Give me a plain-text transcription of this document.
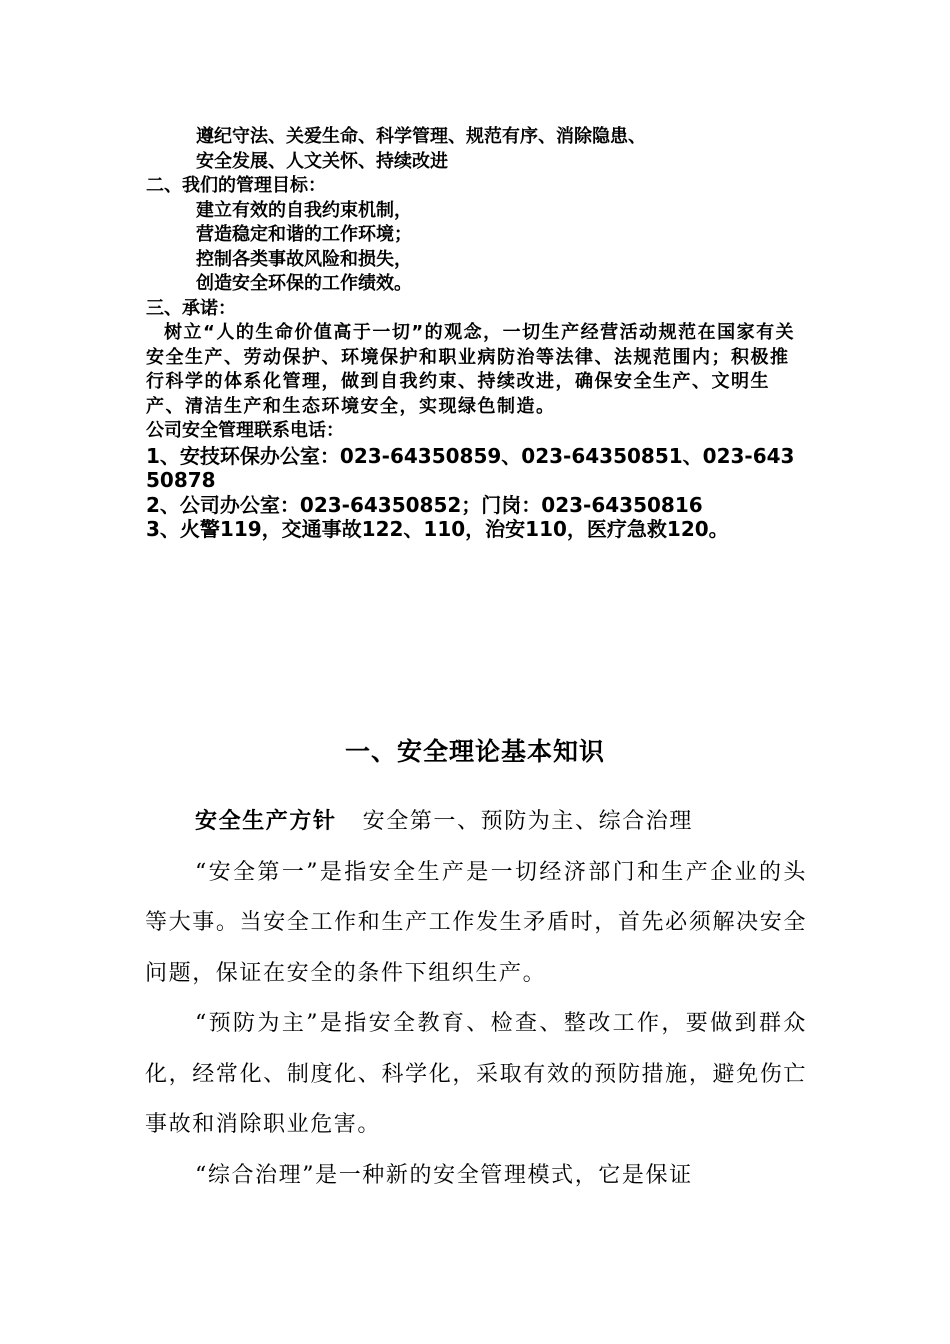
遵纪守法、关爱生命、科学管理、规范有序、消除隐患、
安全发展、人文关怀、持续改进
二、我们的管理目标：
建立有效的自我约束机制，
营造稳定和谐的工作环境；
控制各类事故风险和损失，
创造安全环保的工作绩效。
三、承诺：
树立“人的生命价值高于一切”的观念，一切生产经营活动规范在国家有关安全生产、劳动保护、环境保护和职业病防治等法律、法规范围内；积极推行科学的体系化管理，做到自我约束、持续改进，确保安全生产、文明生产、清洁生产和生态环境安全，实现绿色制造。
公司安全管理联系电话：
1、安技环保办公室：023-64350859、023-64350851、023-64350878
2、公司办公室：023-64350852；门岗：023-64350816
3、火警119，交通事故122、110，治安110，医疗急救120。
一、安全理论基本知识

安全生产方针 安全第一、预防为主、综合治理

“安全第一”是指安全生产是一切经济部门和生产企业的头等大事。当安全工作和生产工作发生矛盾时，首先必须解决安全问题，保证在安全的条件下组织生产。

“预防为主”是指安全教育、检查、整改工作，要做到群众化，经常化、制度化、科学化，采取有效的预防措施，避免伤亡事故和消除职业危害。

“综合治理”是一种新的安全管理模式，它是保证
